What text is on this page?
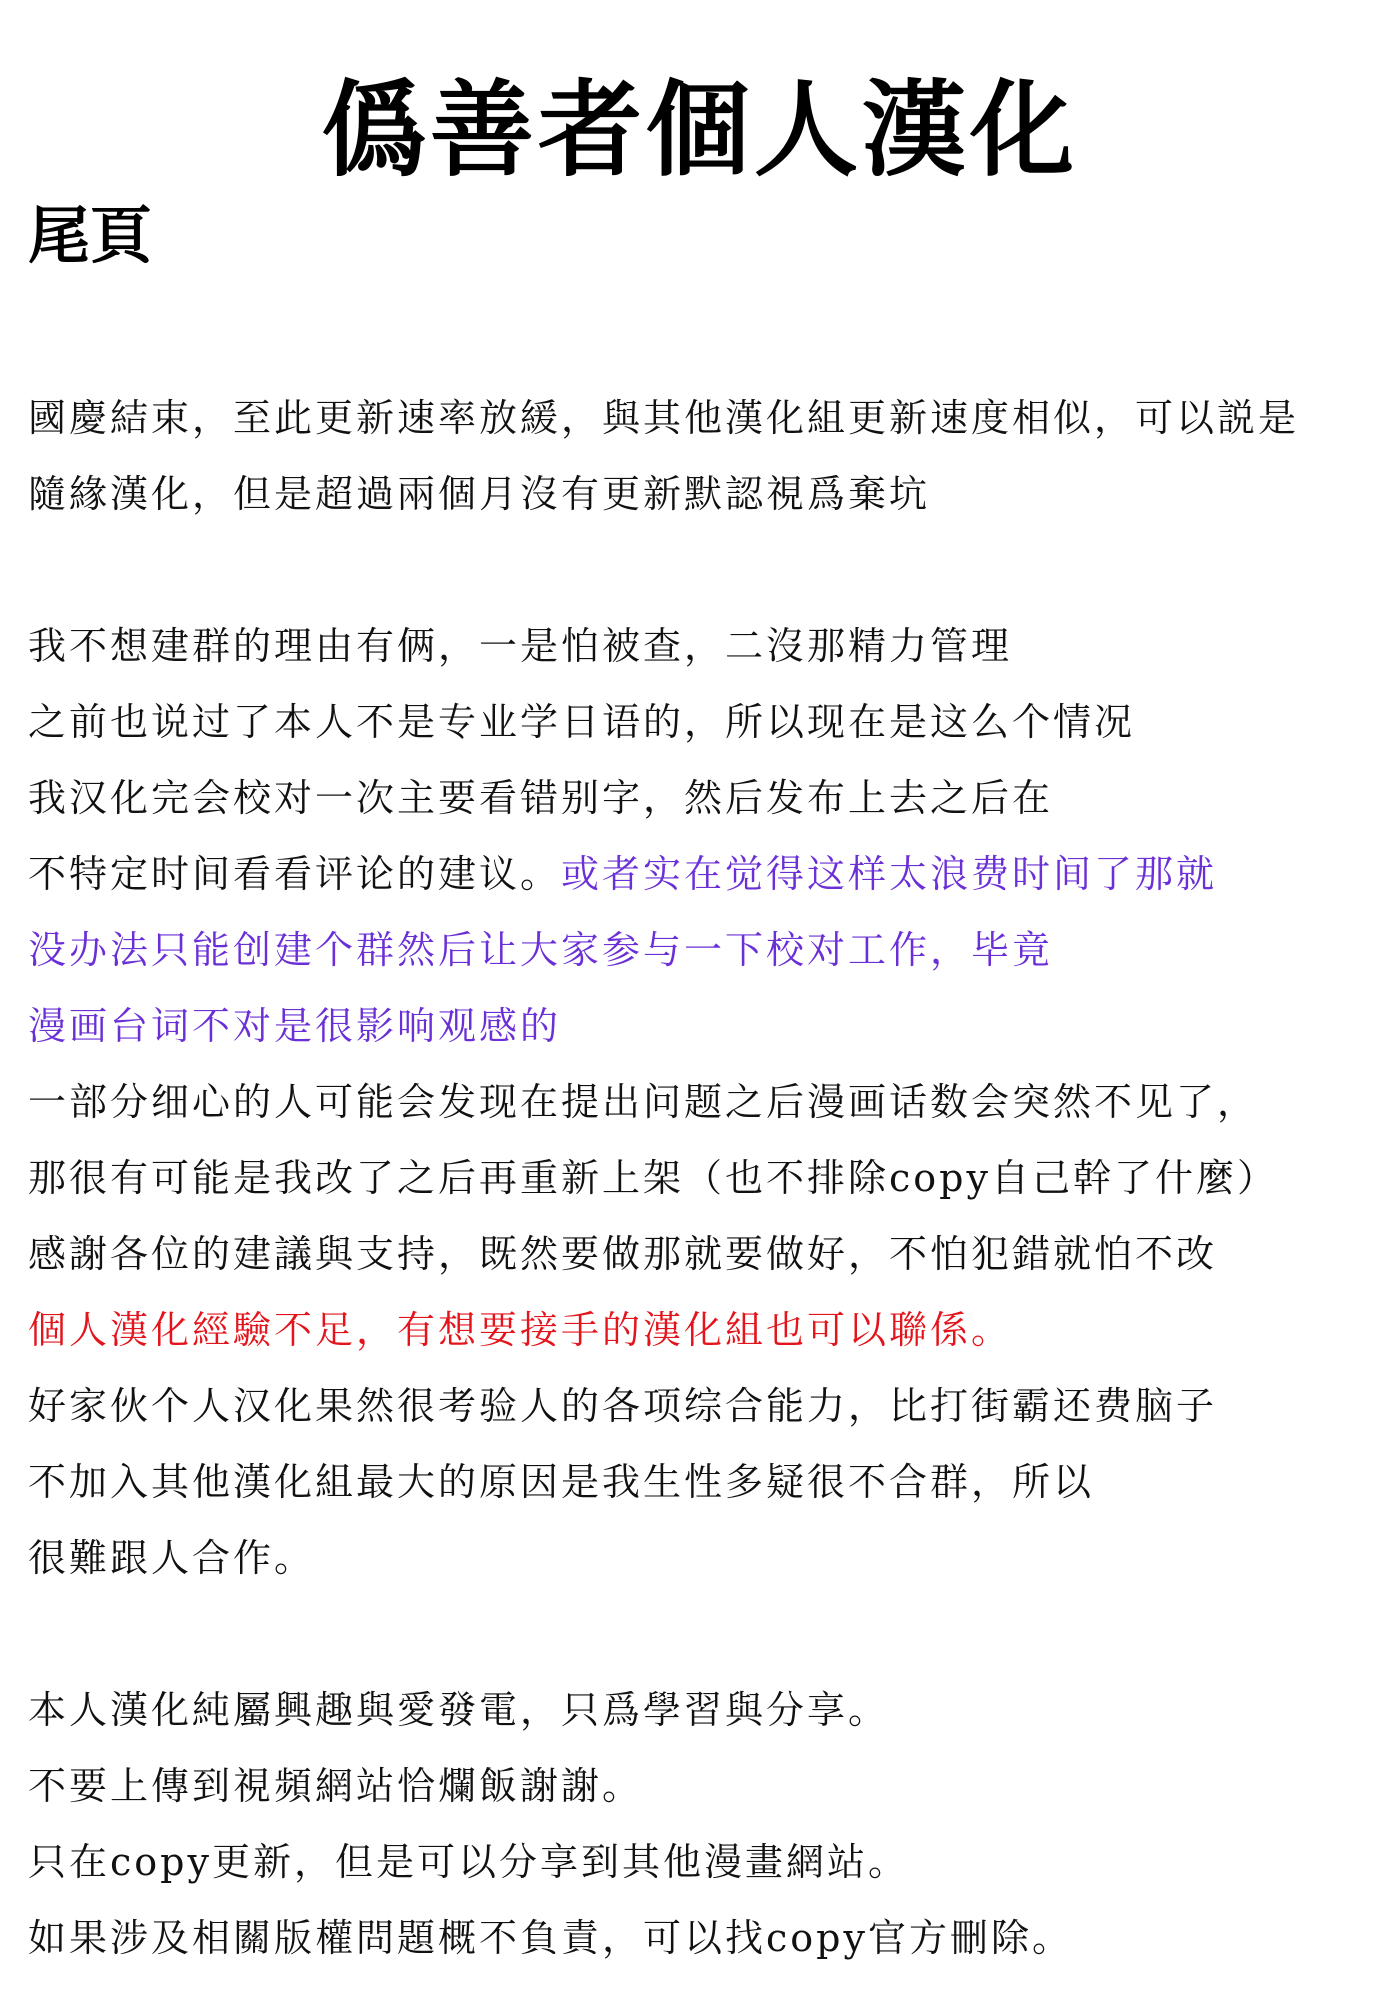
僞善者個人漢化
尾頁
國慶結束，至此更新速率放緩，與其他漢化組更新速度相似，可以説是
隨緣漢化，但是超過兩個月沒有更新默認視爲棄坑
我不想建群的理由有俩，一是怕被查，二沒那精力管理
之前也说过了本人不是专业学日语的，所以现在是这么个情况
我汉化完会校对一次主要看错别字，然后发布上去之后在
不特定时间看看评论的建议。或者实在觉得这样太浪费时间了那就
没办法只能创建个群然后让大家参与一下校对工作，毕竟
漫画台词不对是很影响观感的
一部分细心的人可能会发现在提出问题之后漫画话数会突然不见了，
那很有可能是我改了之后再重新上架（也不排除copy自己幹了什麼）
感謝各位的建議與支持，既然要做那就要做好，不怕犯錯就怕不改
個人漢化經驗不足，有想要接手的漢化組也可以聯係。
好家伙个人汉化果然很考验人的各项综合能力，比打街霸还费脑子
不加入其他漢化組最大的原因是我生性多疑很不合群，所以
很難跟人合作。
本人漢化純屬興趣與愛發電，只爲學習與分享。
不要上傳到視頻網站恰爛飯謝謝。
只在copy更新，但是可以分享到其他漫畫網站。
如果涉及相關版權問題概不負責，可以找copy官方刪除。
